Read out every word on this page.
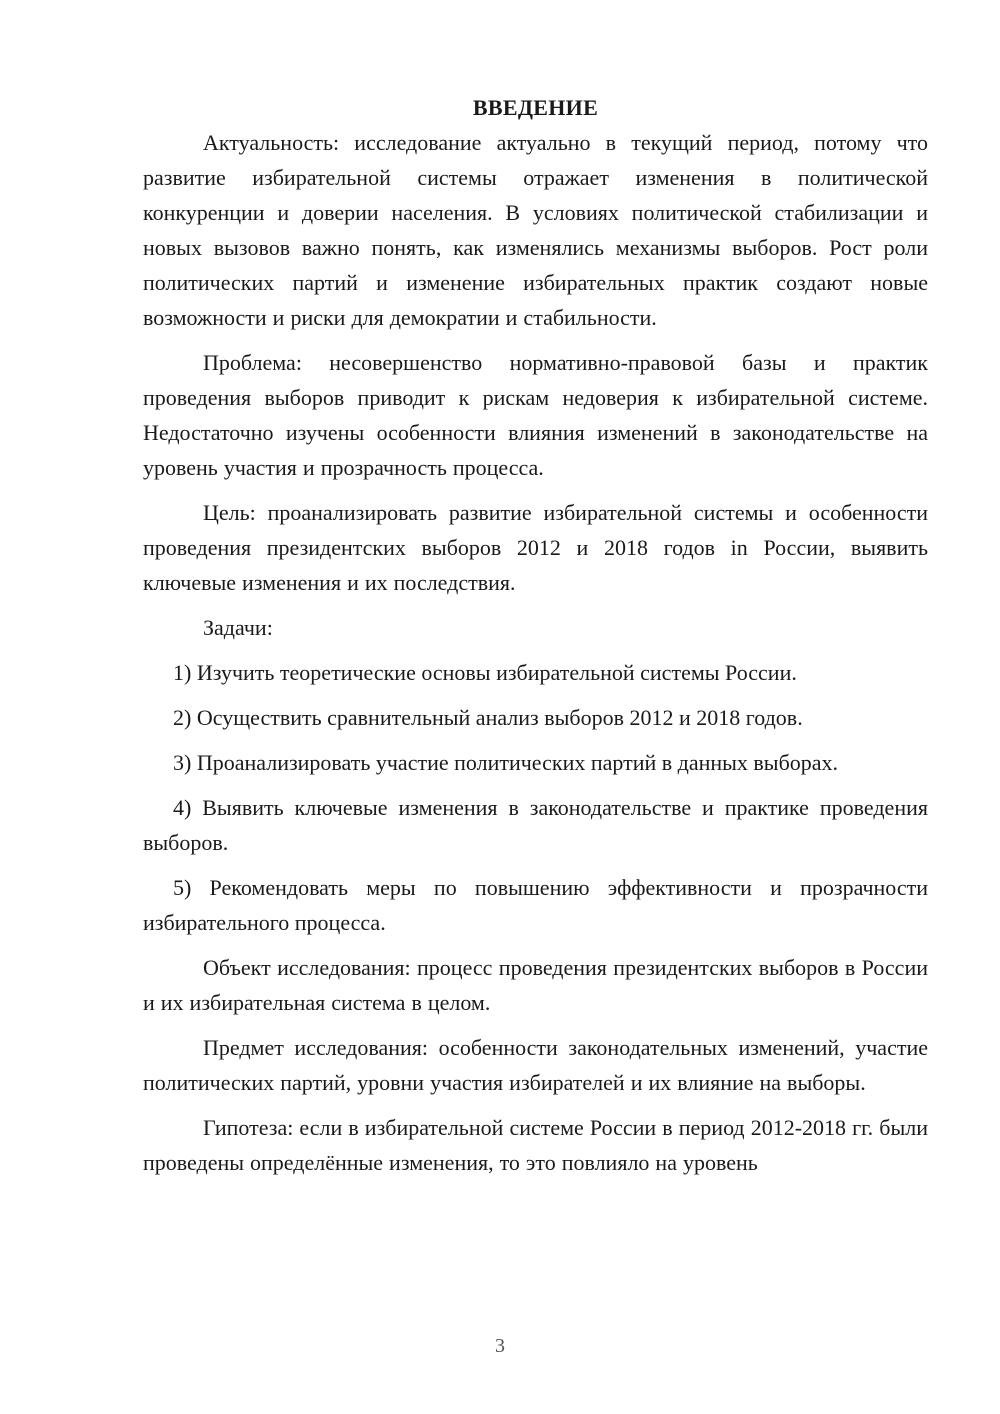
ВВЕДЕНИЕ

Актуальность: исследование актуально в текущий период, потому что развитие избирательной системы отражает изменения в политической конкуренции и доверии населения. В условиях политической стабилизации и новых вызовов важно понять, как изменялись механизмы выборов. Рост роли политических партий и изменение избирательных практик создают новые возможности и риски для демократии и стабильности.

Проблема: несовершенство нормативно-правовой базы и практик проведения выборов приводит к рискам недоверия к избирательной системе. Недостаточно изучены особенности влияния изменений в законодательстве на уровень участия и прозрачность процесса.

Цель: проанализировать развитие избирательной системы и особенности проведения президентских выборов 2012 и 2018 годов in России, выявить ключевые изменения и их последствия.

Задачи:

1) Изучить теоретические основы избирательной системы России.

2) Осуществить сравнительный анализ выборов 2012 и 2018 годов.

3) Проанализировать участие политических партий в данных выборах.

4) Выявить ключевые изменения в законодательстве и практике проведения выборов.

5) Рекомендовать меры по повышению эффективности и прозрачности избирательного процесса.

Объект исследования: процесс проведения президентских выборов в России и их избирательная система в целом.

Предмет исследования: особенности законодательных изменений, участие политических партий, уровни участия избирателей и их влияние на выборы.

Гипотеза: если в избирательной системе России в период 2012-2018 гг. были проведены определённые изменения, то это повлияло на уровень

3
